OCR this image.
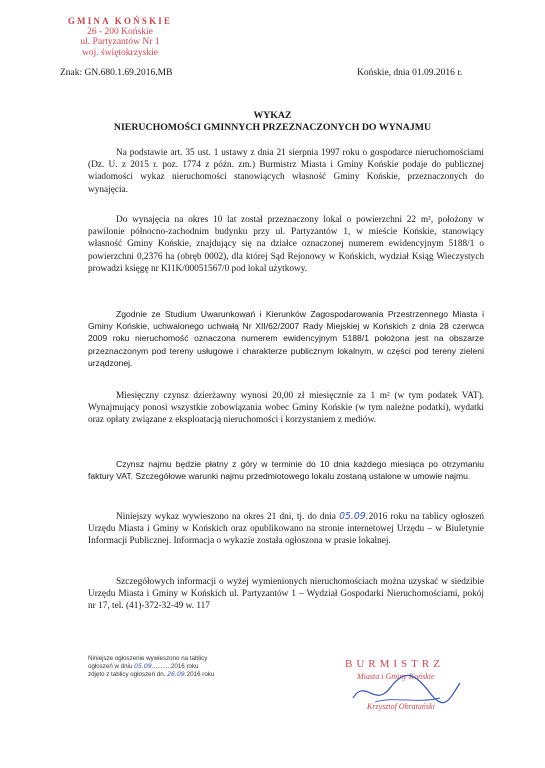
GMINA KOŃSKIE
26 - 200 Końskie
ul. Partyzantów Nr 1
woj. świętokrzyskie
Znak: GN.680.1.69.2016.MB	Końskie, dnia 01.09.2016 r.
WYKAZ
NIERUCHOMOŚCI GMINNYCH PRZEZNACZONYCH DO WYNAJMU
Na podstawie art. 35 ust. 1 ustawy z dnia 21 sierpnia 1997 roku o gospodarce nieruchomościami (Dz. U. z 2015 r. poz. 1774 z późn. zm.) Burmistrz Miasta i Gminy Końskie podaje do publicznej wiadomości wykaz nieruchomości stanowiących własność Gminy Końskie, przeznaczonych do wynajęcia.
Do wynajęcia na okres 10 lat został przeznaczony lokal o powierzchni 22 m², położony w pawilonie północno-zachodnim budynku przy ul. Partyzantów 1, w mieście Końskie, stanowiący własność Gminy Końskie, znajdujący się na działce oznaczonej numerem ewidencyjnym 5188/1 o powierzchni 0,2376 ha (obręb 0002), dla której Sąd Rejonowy w Końskich, wydział Ksiąg Wieczystych prowadzi księgę nr KI1K/00051567/0 pod lokal użytkowy.
Zgodnie ze Studium Uwarunkowań i Kierunków Zagospodarowania Przestrzennego Miasta i Gminy Końskie, uchwalonego uchwałą Nr XII/62/2007 Rady Miejskiej w Końskich z dnia 28 czerwca 2009 roku nieruchomość oznaczona numerem ewidencyjnym 5188/1 położona jest na obszarze przeznaczonym pod tereny usługowe i charakterze publicznym lokalnym, w części pod tereny zieleni urządzonej.
Miesięczny czynsz dzierżawny wynosi 20,00 zł miesięcznie za 1 m² (w tym podatek VAT). Wynajmujący ponosi wszystkie zobowiązania wobec Gminy Końskie (w tym należne podatki), wydatki oraz opłaty związane z eksploatacją nieruchomości i korzystaniem z mediów.
Czynsz najmu będzie płatny z góry w terminie do 10 dnia każdego miesiąca po otrzymaniu faktury VAT. Szczegółowe warunki najmu przedmiotowego lokalu zostaną ustalone w umowie najmu.
Niniejszy wykaz wywieszono na okres 21 dni, tj. do dnia 05.09.2016 roku na tablicy ogłoszeń Urzędu Miasta i Gminy w Końskich oraz opublikowano na stronie internetowej Urzędu – w Biuletynie Informacji Publicznej. Informacja o wykazie została ogłoszona w prasie lokalnej.
Szczegółowych informacji o wyżej wymienionych nieruchomościach można uzyskać w siedzibie Urzędu Miasta i Gminy w Końskich ul. Partyzantów 1 – Wydział Gospodarki Nieruchomościami, pokój nr 17, tel. (41)-372-32-49 w. 117
Niniejsze ogłoszenie wywieszono na tablicy
ogłoszeń w dniu 05.09...........2016 roku
zdjęto z tablicy ogłoszeń dn. 26.09.2016 roku
BURMISTRZ
Miasta i Gminy Końskie
Krzysztof Obratański
